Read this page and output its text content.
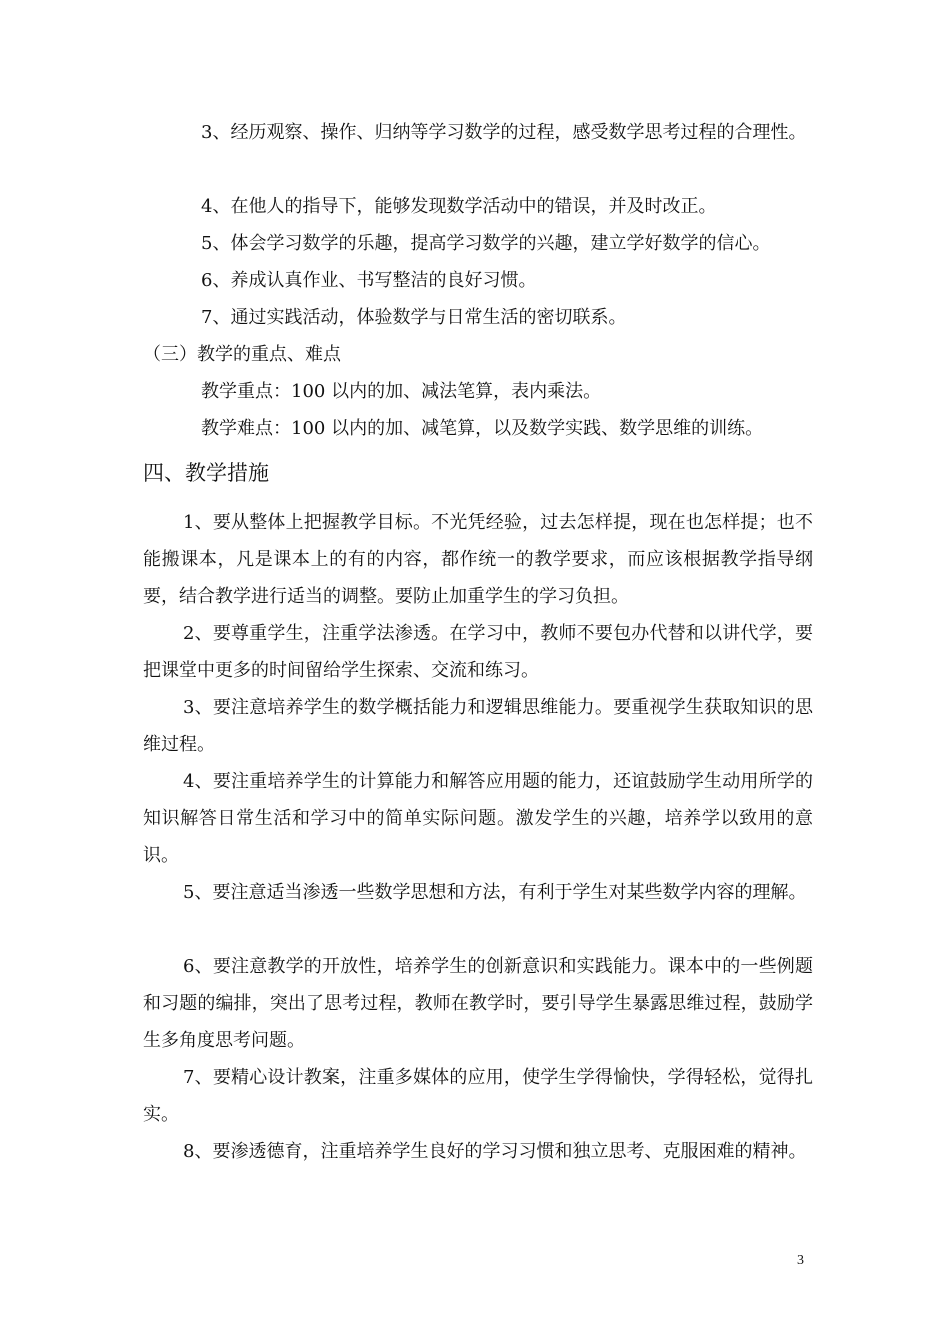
3、经历观察、操作、归纳等学习数学的过程，感受数学思考过程的合理性。

4、在他人的指导下，能够发现数学活动中的错误，并及时改正。

5、体会学习数学的乐趣，提高学习数学的兴趣，建立学好数学的信心。

6、养成认真作业、书写整洁的良好习惯。

7、通过实践活动，体验数学与日常生活的密切联系。

（三）教学的重点、难点

教学重点：100 以内的加、减法笔算，表内乘法。

教学难点：100 以内的加、减笔算，以及数学实践、数学思维的训练。

四、教学措施

1、要从整体上把握教学目标。不光凭经验，过去怎样提，现在也怎样提；也不能搬课本，凡是课本上的有的内容，都作统一的教学要求，而应该根据教学指导纲要，结合教学进行适当的调整。要防止加重学生的学习负担。

2、要尊重学生，注重学法渗透。在学习中，教师不要包办代替和以讲代学，要把课堂中更多的时间留给学生探索、交流和练习。

3、要注意培养学生的数学概括能力和逻辑思维能力。要重视学生获取知识的思维过程。

4、要注重培养学生的计算能力和解答应用题的能力，还谊鼓励学生动用所学的知识解答日常生活和学习中的简单实际问题。激发学生的兴趣，培养学以致用的意识。

5、要注意适当渗透一些数学思想和方法，有利于学生对某些数学内容的理解。

6、要注意教学的开放性，培养学生的创新意识和实践能力。课本中的一些例题和习题的编排，突出了思考过程，教师在教学时，要引导学生暴露思维过程，鼓励学生多角度思考问题。

7、要精心设计教案，注重多媒体的应用，使学生学得愉快，学得轻松，觉得扎实。

8、要渗透德育，注重培养学生良好的学习习惯和独立思考、克服困难的精神。

3
